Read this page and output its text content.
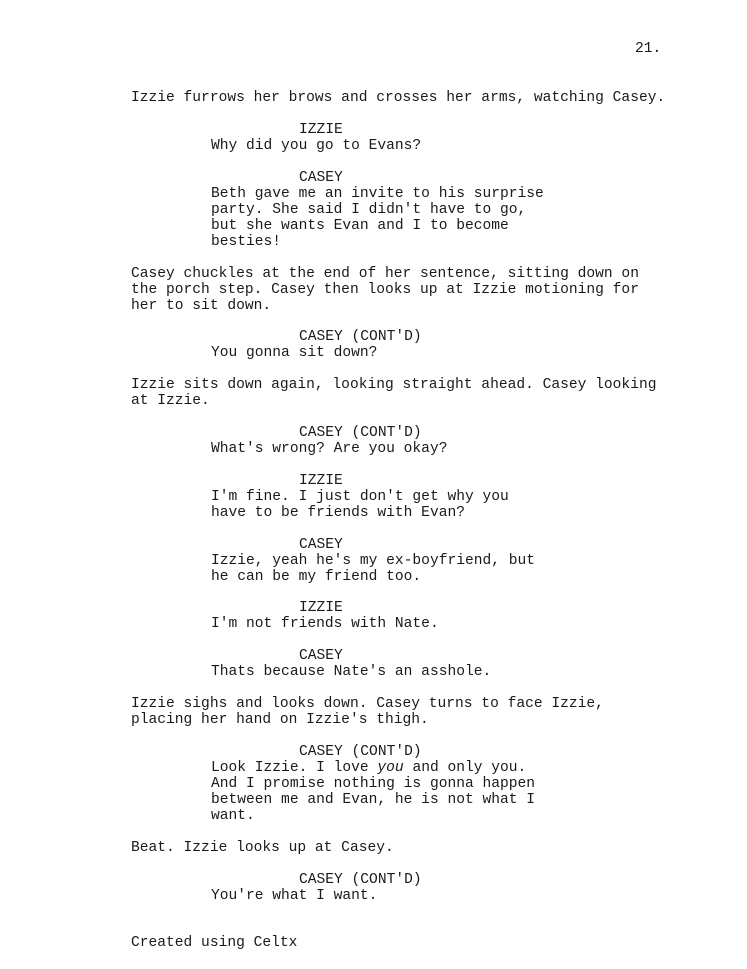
21.
Izzie furrows her brows and crosses her arms, watching Casey.
IZZIE
Why did you go to Evans?
CASEY
Beth gave me an invite to his surprise
party. She said I didn't have to go,
but she wants Evan and I to become
besties!
Casey chuckles at the end of her sentence, sitting down on
the porch step. Casey then looks up at Izzie motioning for
her to sit down.
CASEY (CONT'D)
You gonna sit down?
Izzie sits down again, looking straight ahead. Casey looking
at Izzie.
CASEY (CONT'D)
What's wrong? Are you okay?
IZZIE
I'm fine. I just don't get why you
have to be friends with Evan?
CASEY
Izzie, yeah he's my ex-boyfriend, but
he can be my friend too.
IZZIE
I'm not friends with Nate.
CASEY
Thats because Nate's an asshole.
Izzie sighs and looks down. Casey turns to face Izzie,
placing her hand on Izzie's thigh.
CASEY (CONT'D)
Look Izzie. I love you and only you.
And I promise nothing is gonna happen
between me and Evan, he is not what I
want.
Beat. Izzie looks up at Casey.
CASEY (CONT'D)
You're what I want.
Created using Celtx
